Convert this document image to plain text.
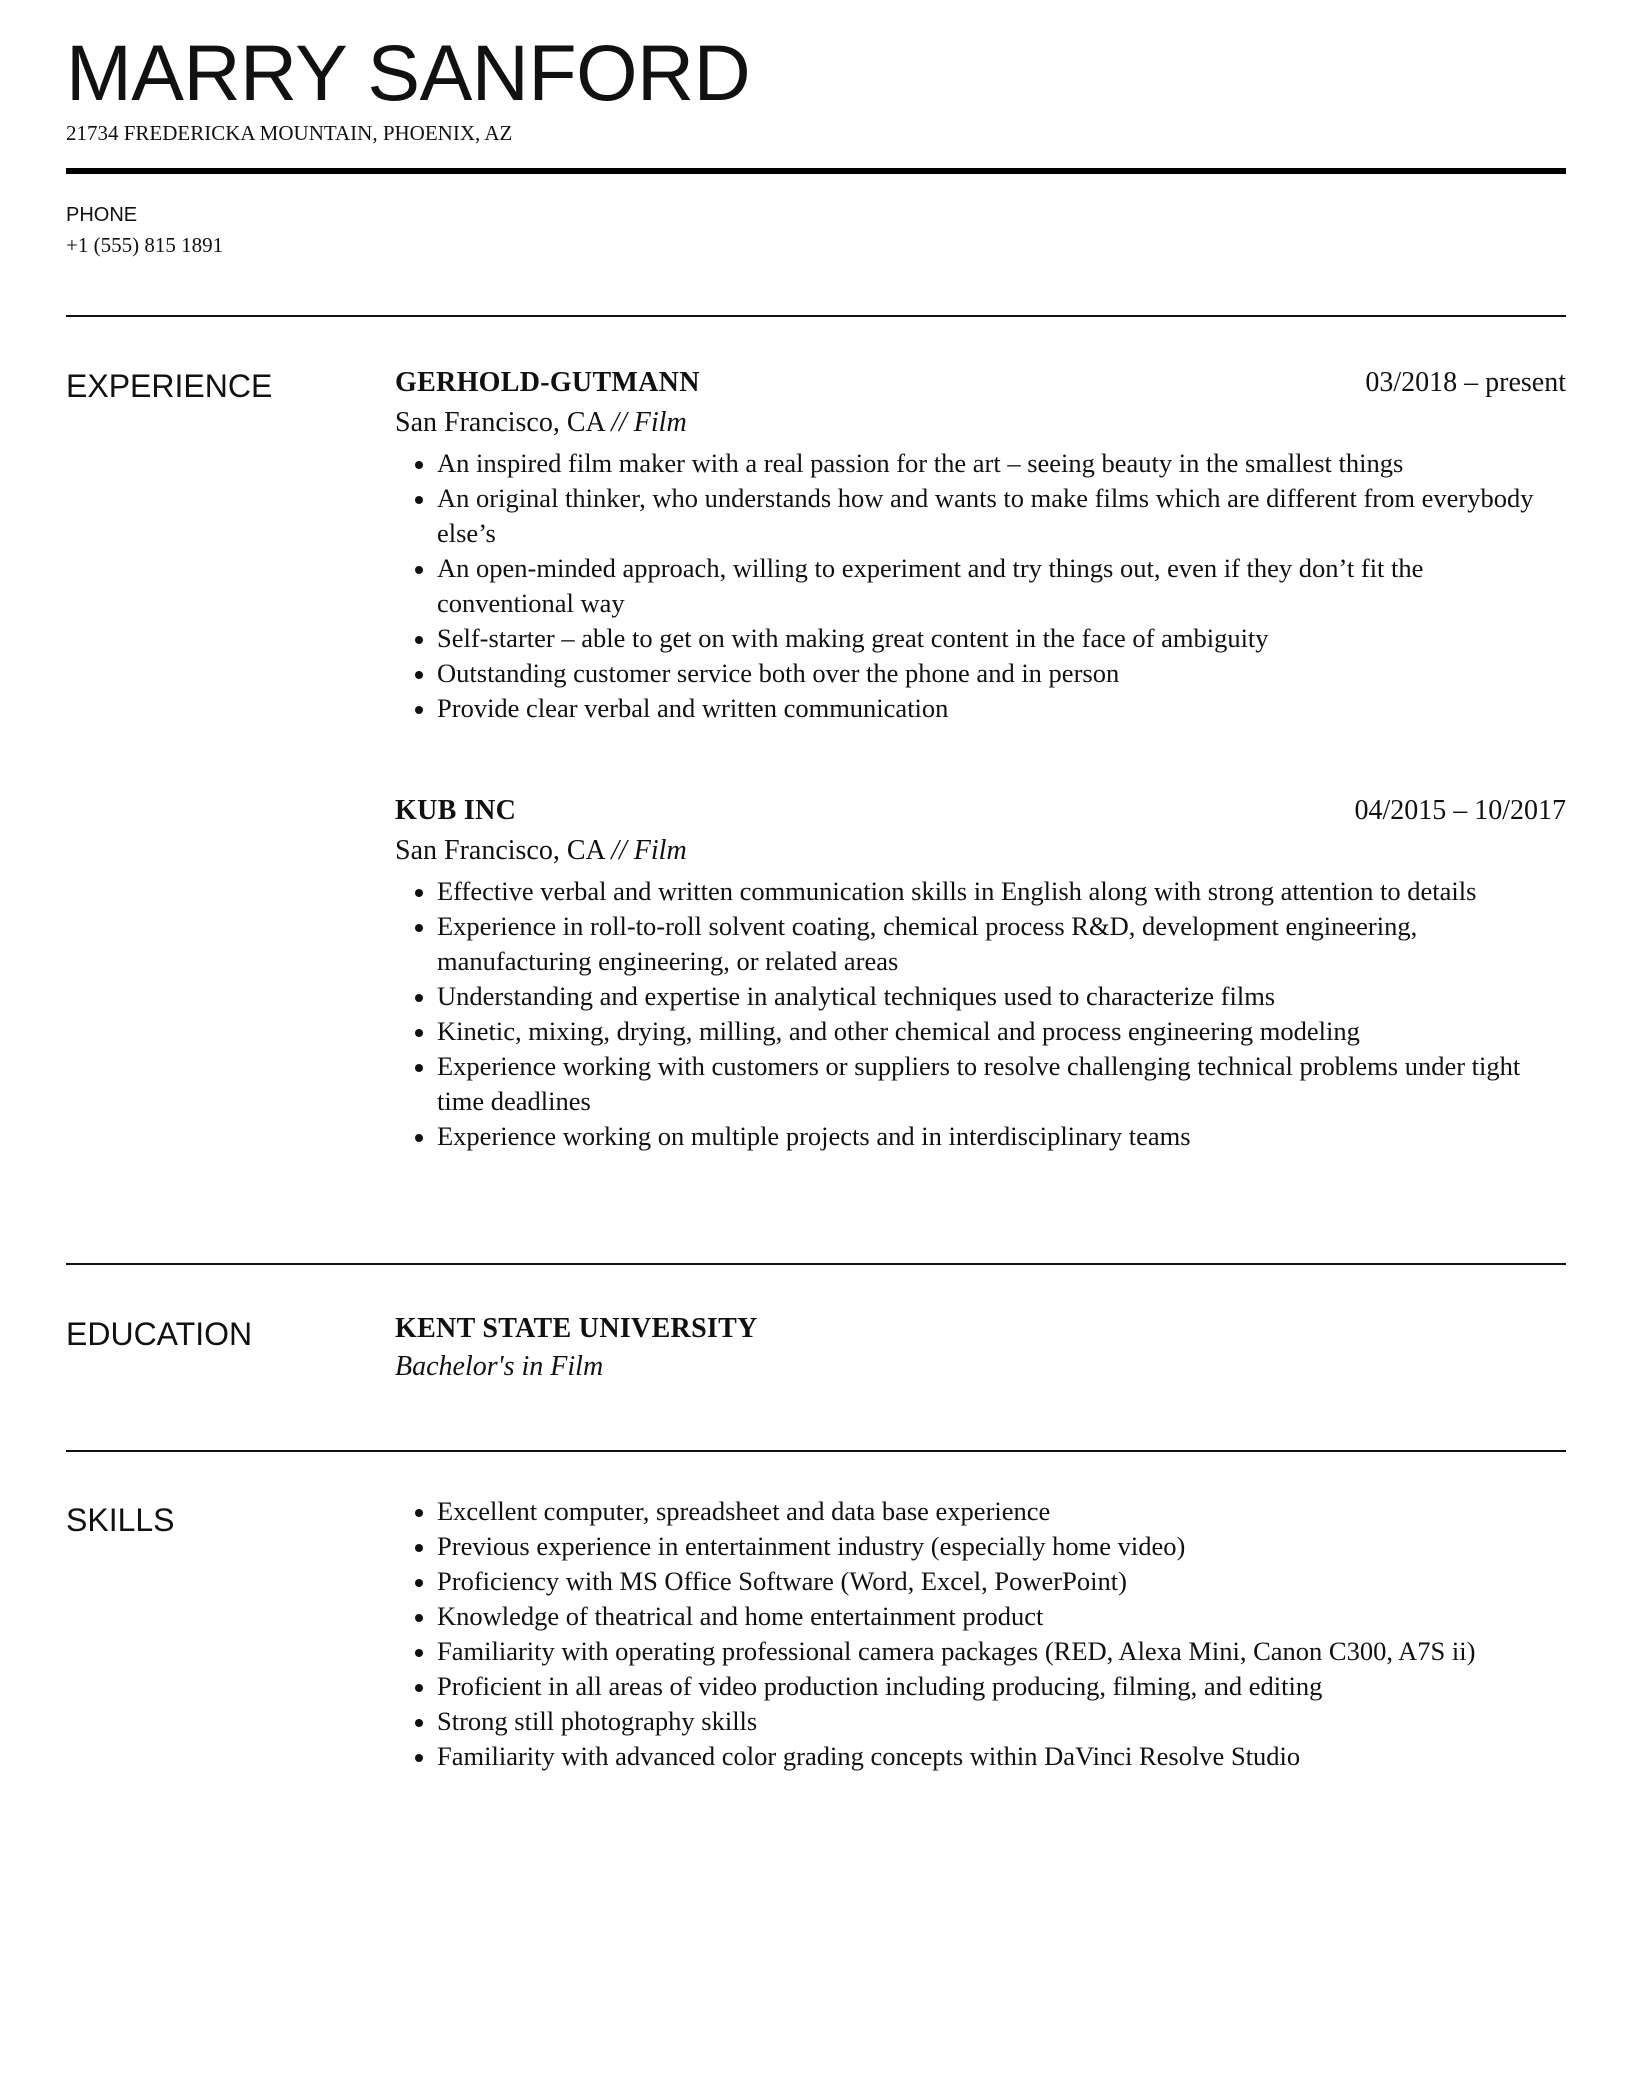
MARRY SANFORD
21734 FREDERICKA MOUNTAIN, PHOENIX, AZ
PHONE
+1 (555) 815 1891
EXPERIENCE	GERHOLD-GUTMANN	03/2018 – present
San Francisco, CA // Film
An inspired film maker with a real passion for the art – seeing beauty in the smallest things
An original thinker, who understands how and wants to make films which are different from everybody else’s
An open-minded approach, willing to experiment and try things out, even if they don’t fit the conventional way
Self-starter – able to get on with making great content in the face of ambiguity
Outstanding customer service both over the phone and in person
Provide clear verbal and written communication
KUB INC	04/2015 – 10/2017
San Francisco, CA // Film
Effective verbal and written communication skills in English along with strong attention to details
Experience in roll-to-roll solvent coating, chemical process R&D, development engineering, manufacturing engineering, or related areas
Understanding and expertise in analytical techniques used to characterize films
Kinetic, mixing, drying, milling, and other chemical and process engineering modeling
Experience working with customers or suppliers to resolve challenging technical problems under tight time deadlines
Experience working on multiple projects and in interdisciplinary teams
EDUCATION	KENT STATE UNIVERSITY
Bachelor's in Film
SKILLS	Excellent computer, spreadsheet and data base experience
Previous experience in entertainment industry (especially home video)
Proficiency with MS Office Software (Word, Excel, PowerPoint)
Knowledge of theatrical and home entertainment product
Familiarity with operating professional camera packages (RED, Alexa Mini, Canon C300, A7S ii)
Proficient in all areas of video production including producing, filming, and editing
Strong still photography skills
Familiarity with advanced color grading concepts within DaVinci Resolve Studio
